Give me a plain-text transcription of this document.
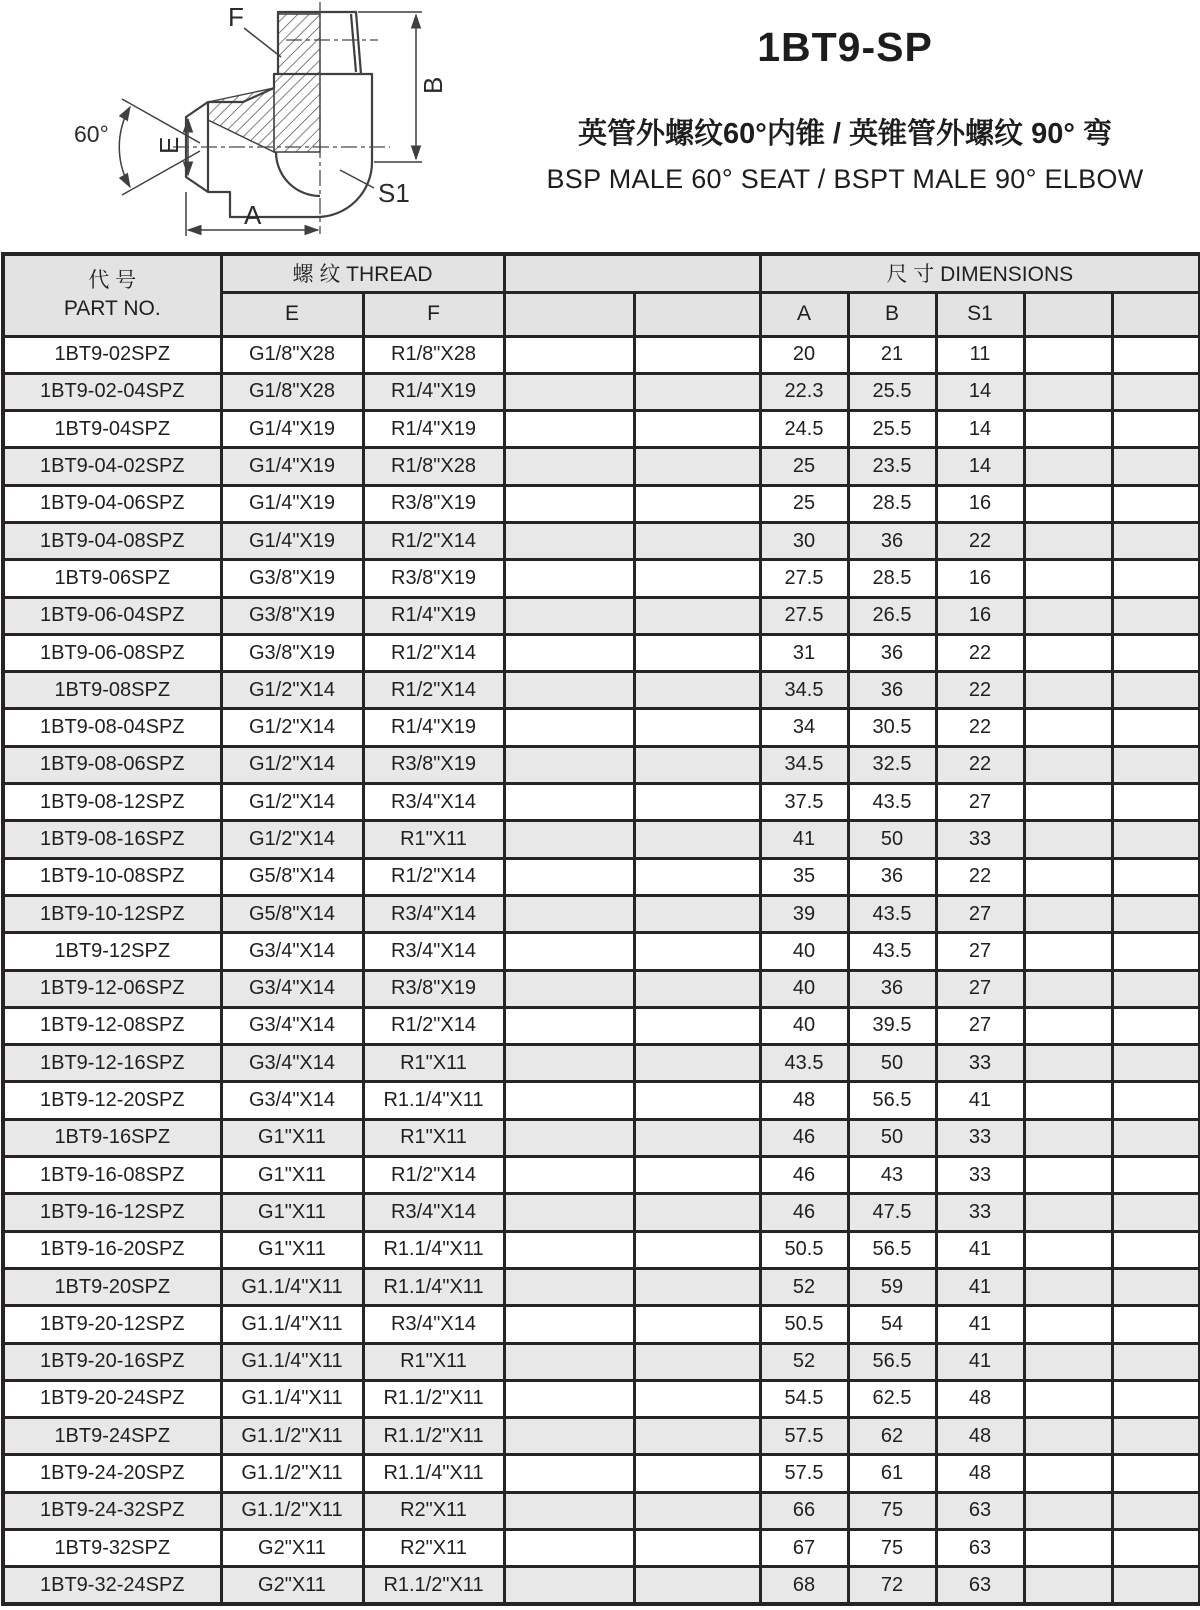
F
B
E
60°
A
S1
1BT9-SP
英管外螺纹60°内锥 / 英锥管外螺纹 90° 弯
BSP MALE 60° SEAT / BSPT MALE 90° ELBOW
代 号
PART NO.	螺 纹 THREAD				尺 寸 DIMENSIONS				
	E	F			A	B	S1		
1BT9-02SPZ	G1/8"X28	R1/8"X28			20	21	11		
1BT9-02-04SPZ	G1/8"X28	R1/4"X19			22.3	25.5	14		
1BT9-04SPZ	G1/4"X19	R1/4"X19			24.5	25.5	14		
1BT9-04-02SPZ	G1/4"X19	R1/8"X28			25	23.5	14		
1BT9-04-06SPZ	G1/4"X19	R3/8"X19			25	28.5	16		
1BT9-04-08SPZ	G1/4"X19	R1/2"X14			30	36	22		
1BT9-06SPZ	G3/8"X19	R3/8"X19			27.5	28.5	16		
1BT9-06-04SPZ	G3/8"X19	R1/4"X19			27.5	26.5	16		
1BT9-06-08SPZ	G3/8"X19	R1/2"X14			31	36	22		
1BT9-08SPZ	G1/2"X14	R1/2"X14			34.5	36	22		
1BT9-08-04SPZ	G1/2"X14	R1/4"X19			34	30.5	22		
1BT9-08-06SPZ	G1/2"X14	R3/8"X19			34.5	32.5	22		
1BT9-08-12SPZ	G1/2"X14	R3/4"X14			37.5	43.5	27		
1BT9-08-16SPZ	G1/2"X14	R1"X11			41	50	33		
1BT9-10-08SPZ	G5/8"X14	R1/2"X14			35	36	22		
1BT9-10-12SPZ	G5/8"X14	R3/4"X14			39	43.5	27		
1BT9-12SPZ	G3/4"X14	R3/4"X14			40	43.5	27		
1BT9-12-06SPZ	G3/4"X14	R3/8"X19			40	36	27		
1BT9-12-08SPZ	G3/4"X14	R1/2"X14			40	39.5	27		
1BT9-12-16SPZ	G3/4"X14	R1"X11			43.5	50	33		
1BT9-12-20SPZ	G3/4"X14	R1.1/4"X11			48	56.5	41		
1BT9-16SPZ	G1"X11	R1"X11			46	50	33		
1BT9-16-08SPZ	G1"X11	R1/2"X14			46	43	33		
1BT9-16-12SPZ	G1"X11	R3/4"X14			46	47.5	33		
1BT9-16-20SPZ	G1"X11	R1.1/4"X11			50.5	56.5	41		
1BT9-20SPZ	G1.1/4"X11	R1.1/4"X11			52	59	41		
1BT9-20-12SPZ	G1.1/4"X11	R3/4"X14			50.5	54	41		
1BT9-20-16SPZ	G1.1/4"X11	R1"X11			52	56.5	41		
1BT9-20-24SPZ	G1.1/4"X11	R1.1/2"X11			54.5	62.5	48		
1BT9-24SPZ	G1.1/2"X11	R1.1/2"X11			57.5	62	48		
1BT9-24-20SPZ	G1.1/2"X11	R1.1/4"X11			57.5	61	48		
1BT9-24-32SPZ	G1.1/2"X11	R2"X11			66	75	63		
1BT9-32SPZ	G2"X11	R2"X11			67	75	63		
1BT9-32-24SPZ	G2"X11	R1.1/2"X11			68	72	63		
